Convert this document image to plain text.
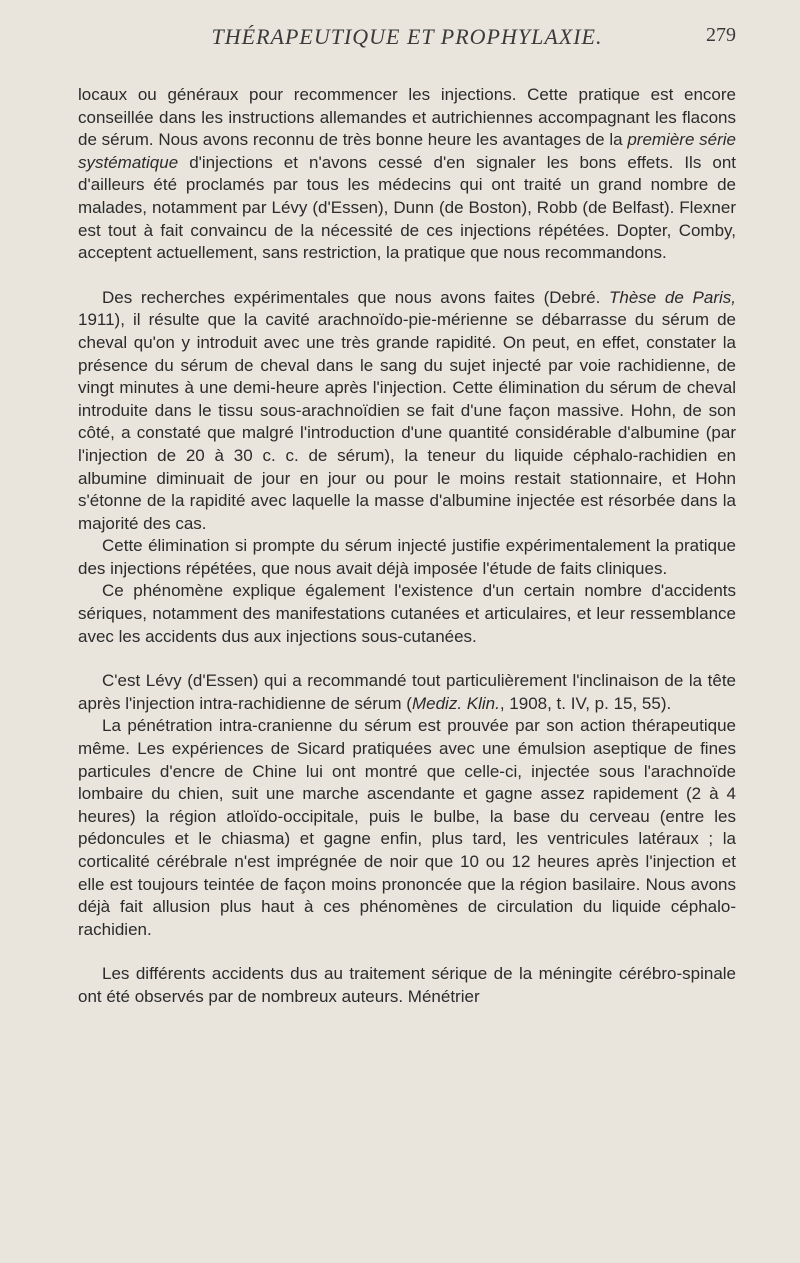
THÉRAPEUTIQUE ET PROPHYLAXIE.	279

locaux ou généraux pour recommencer les injections. Cette pratique est encore conseillée dans les instructions allemandes et autrichiennes accompagnant les flacons de sérum. Nous avons reconnu de très bonne heure les avantages de la première série systématique d'injections et n'avons cessé d'en signaler les bons effets. Ils ont d'ailleurs été proclamés par tous les médecins qui ont traité un grand nombre de malades, notamment par Lévy (d'Essen), Dunn (de Boston), Robb (de Belfast). Flexner est tout à fait convaincu de la nécessité de ces injections répétées. Dopter, Comby, acceptent actuellement, sans restriction, la pratique que nous recommandons.

Des recherches expérimentales que nous avons faites (Debré. Thèse de Paris, 1911), il résulte que la cavité arachnoïdo-pie-mérienne se débarrasse du sérum de cheval qu'on y introduit avec une très grande rapidité. On peut, en effet, constater la présence du sérum de cheval dans le sang du sujet injecté par voie rachidienne, de vingt minutes à une demi-heure après l'injection. Cette élimination du sérum de cheval introduite dans le tissu sous-arachnoïdien se fait d'une façon massive. Hohn, de son côté, a constaté que malgré l'introduction d'une quantité considérable d'albumine (par l'injection de 20 à 30 c. c. de sérum), la teneur du liquide céphalo-rachidien en albumine diminuait de jour en jour ou pour le moins restait stationnaire, et Hohn s'étonne de la rapidité avec laquelle la masse d'albumine injectée est résorbée dans la majorité des cas.

Cette élimination si prompte du sérum injecté justifie expérimentalement la pratique des injections répétées, que nous avait déjà imposée l'étude de faits cliniques.

Ce phénomène explique également l'existence d'un certain nombre d'accidents sériques, notamment des manifestations cutanées et articulaires, et leur ressemblance avec les accidents dus aux injections sous-cutanées.

C'est Lévy (d'Essen) qui a recommandé tout particulièrement l'inclinaison de la tête après l'injection intra-rachidienne de sérum (Mediz. Klin., 1908, t. IV, p. 15, 55).

La pénétration intra-cranienne du sérum est prouvée par son action thérapeutique même. Les expériences de Sicard pratiquées avec une émulsion aseptique de fines particules d'encre de Chine lui ont montré que celle-ci, injectée sous l'arachnoïde lombaire du chien, suit une marche ascendante et gagne assez rapidement (2 à 4 heures) la région atloïdo-occipitale, puis le bulbe, la base du cerveau (entre les pédoncules et le chiasma) et gagne enfin, plus tard, les ventricules latéraux ; la corticalité cérébrale n'est imprégnée de noir que 10 ou 12 heures après l'injection et elle est toujours teintée de façon moins prononcée que la région basilaire. Nous avons déjà fait allusion plus haut à ces phénomènes de circulation du liquide céphalo-rachidien.

Les différents accidents dus au traitement sérique de la méningite cérébro-spinale ont été observés par de nombreux auteurs. Ménétrier
